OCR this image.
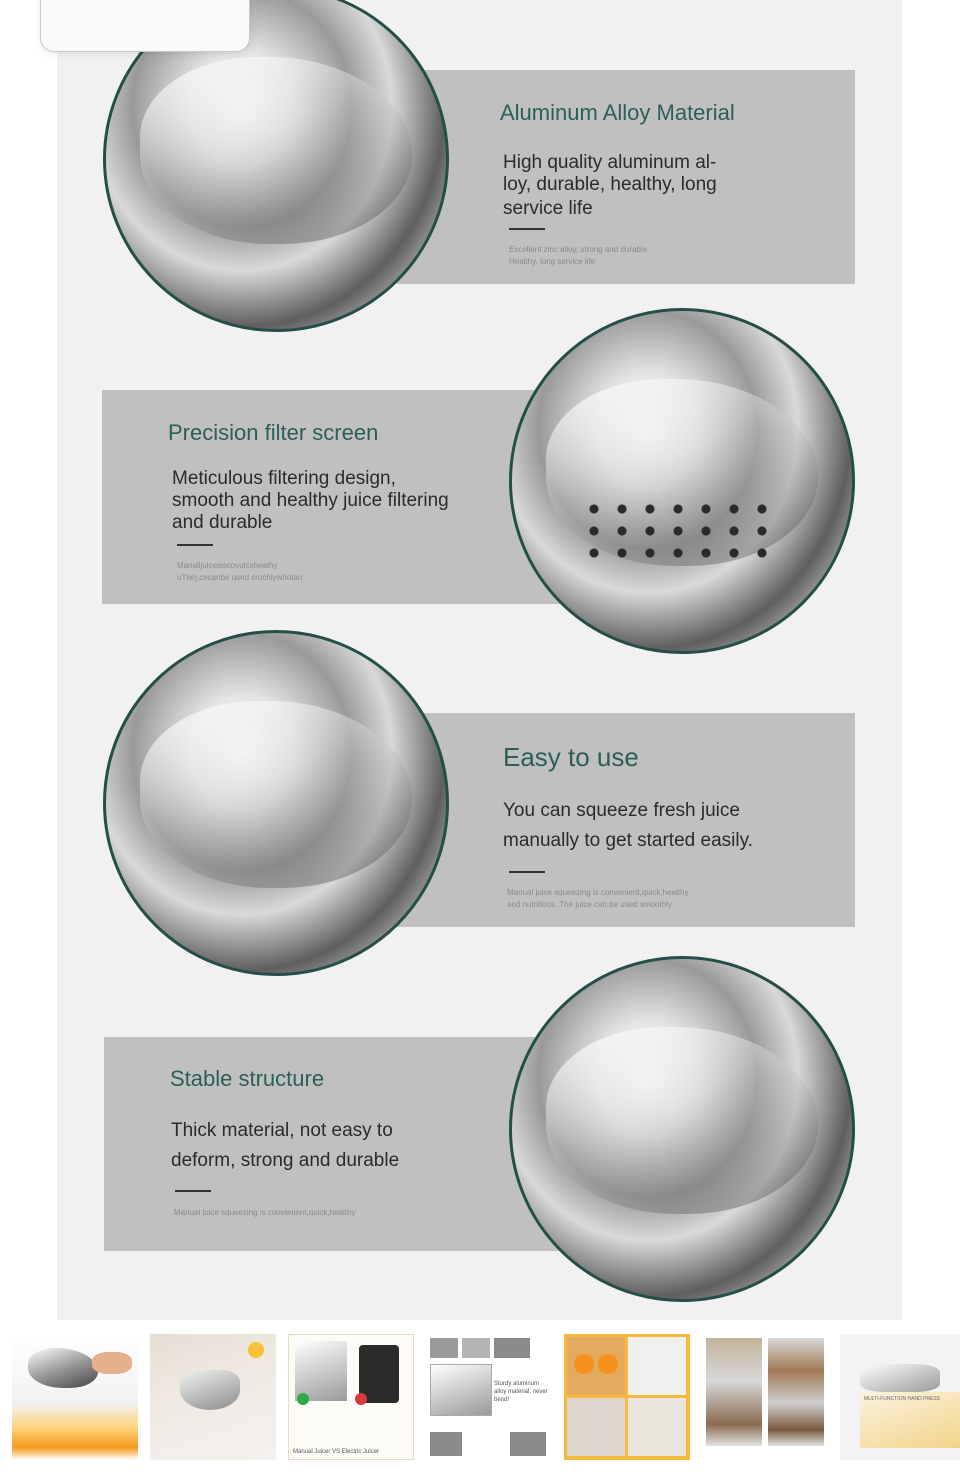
Aluminum Alloy Material

High quality aluminum al-

loy, durable, healthy, long

service life

Excellent zinc alloy, strong and durable
Healthy, long service life

Precision filter screen

Meticulous filtering design,

smooth and healthy juice filtering

and durable

Manalljuicesiscovulcxheathy
uThej,cecanbe used srochlywhotan

Easy to use

You can squeeze fresh juice

manually to get started easily.

Manual juice squeezing is convenient,quick,healthy
and nutritious. The juice can be used smoothly

Stable structure

Thick material, not easy to

deform, strong and durable

Manual juice squeezing is convenient,quick,healthy
Manual Juicer VS Electric Juicer
Sturdy aluminum alloy material, never bend!	MULTI-FUNCTION HAND PRESS
